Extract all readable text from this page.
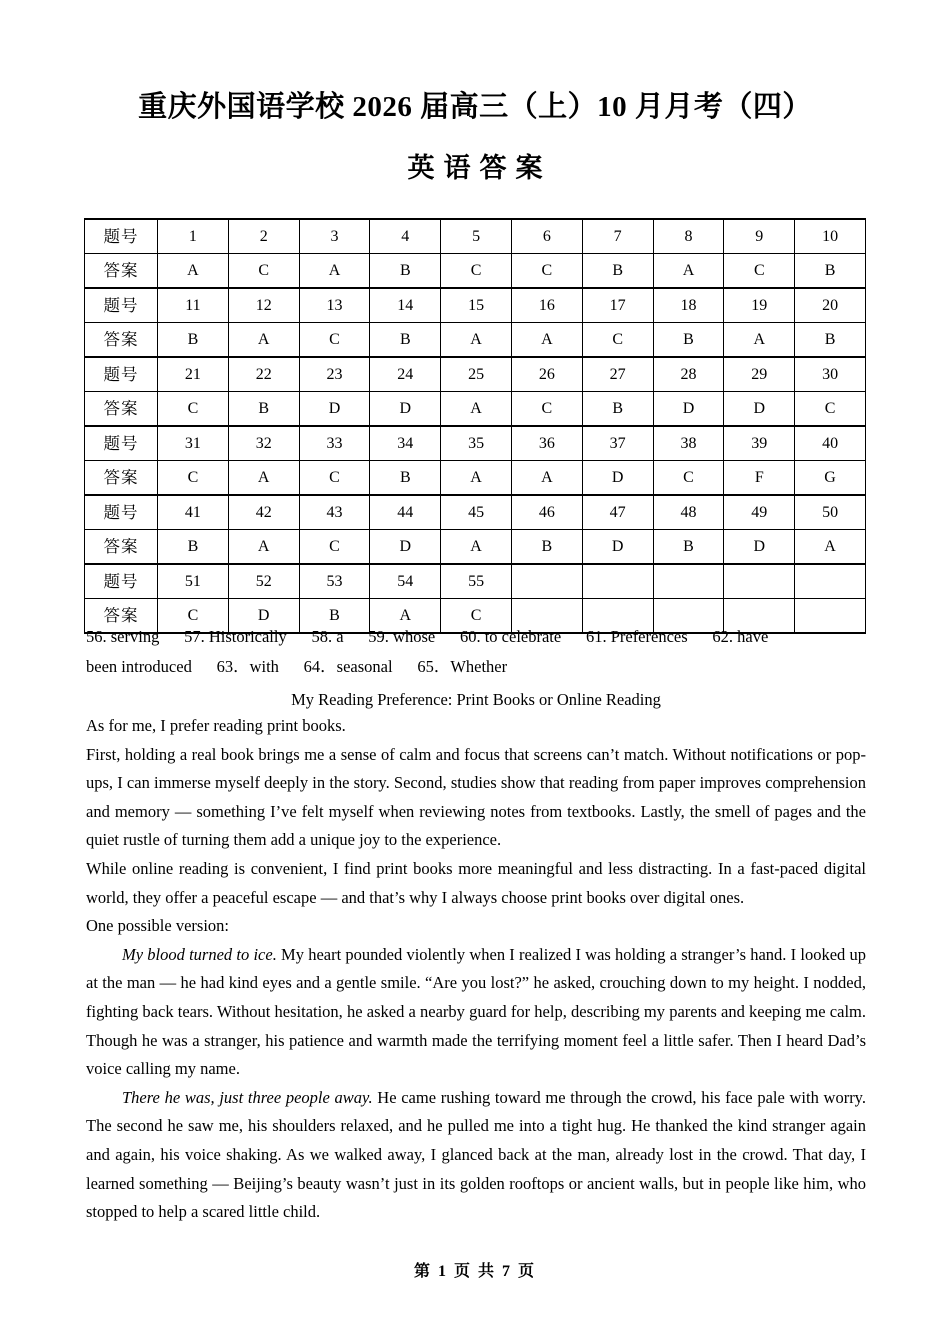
重庆外国语学校 2026 届高三（上）10 月月考（四）
英语答案
题号	1	2	3	4	5	6	7	8	9	10
答案	A	C	A	B	C	C	B	A	C	B
题号	11	12	13	14	15	16	17	18	19	20
答案	B	A	C	B	A	A	C	B	A	B
题号	21	22	23	24	25	26	27	28	29	30
答案	C	B	D	D	A	C	B	D	D	C
题号	31	32	33	34	35	36	37	38	39	40
答案	C	A	C	B	A	A	D	C	F	G
题号	41	42	43	44	45	46	47	48	49	50
答案	B	A	C	D	A	B	D	B	D	A
题号	51	52	53	54	55					
答案	C	D	B	A	C					
56. serving  57. Historically  58. a  59. whose  60. to celebrate  61. Preferences  62. have
been introduced  63．with  64．seasonal  65．Whether
My Reading Preference: Print Books or Online Reading

As for me, I prefer reading print books.

First, holding a real book brings me a sense of calm and focus that screens can’t match. Without notifications or pop-ups, I can immerse myself deeply in the story. Second, studies show that reading from paper improves comprehension and memory — something I’ve felt myself when reviewing notes from textbooks. Lastly, the smell of pages and the quiet rustle of turning them add a unique joy to the experience.

While online reading is convenient, I find print books more meaningful and less distracting. In a fast-paced digital world, they offer a peaceful escape — and that’s why I always choose print books over digital ones.

One possible version:

My blood turned to ice. My heart pounded violently when I realized I was holding a stranger’s hand. I looked up at the man — he had kind eyes and a gentle smile. “Are you lost?” he asked, crouching down to my height. I nodded, fighting back tears. Without hesitation, he asked a nearby guard for help, describing my parents and keeping me calm. Though he was a stranger, his patience and warmth made the terrifying moment feel a little safer. Then I heard Dad’s voice calling my name.

There he was, just three people away. He came rushing toward me through the crowd, his face pale with worry. The second he saw me, his shoulders relaxed, and he pulled me into a tight hug. He thanked the kind stranger again and again, his voice shaking. As we walked away, I glanced back at the man, already lost in the crowd. That day, I learned something — Beijing’s beauty wasn’t just in its golden rooftops or ancient walls, but in people like him, who stopped to help a scared little child.

第 1 页 共 7 页
